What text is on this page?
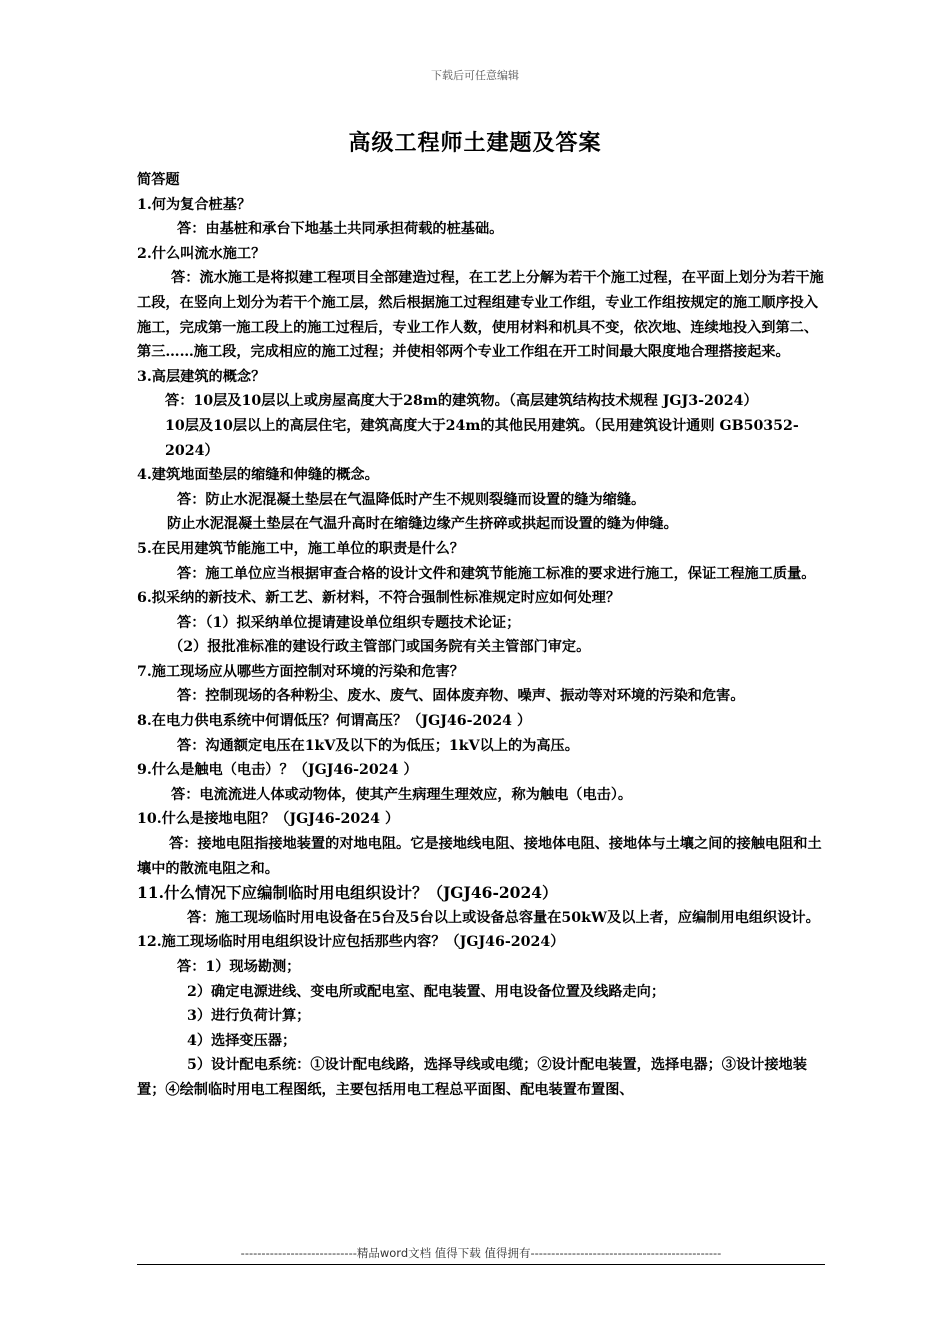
下载后可任意编辑
高级工程师土建题及答案

简答题

1.何为复合桩基？

答：由基桩和承台下地基土共同承担荷载的桩基础。

2.什么叫流水施工？

答：流水施工是将拟建工程项目全部建造过程，在工艺上分解为若干个施工过程，在平面上划分为若干施工段，在竖向上划分为若干个施工层，然后根据施工过程组建专业工作组，专业工作组按规定的施工顺序投入施工，完成第一施工段上的施工过程后，专业工作人数，使用材料和机具不变，依次地、连续地投入到第二、第三……施工段，完成相应的施工过程；并使相邻两个专业工作组在开工时间最大限度地合理搭接起来。

3.高层建筑的概念？

答：10层及10层以上或房屋高度大于28m的建筑物。（高层建筑结构技术规程 JGJ3-2024）

10层及10层以上的高层住宅，建筑高度大于24m的其他民用建筑。（民用建筑设计通则 GB50352-2024）

4.建筑地面垫层的缩缝和伸缝的概念。

答：防止水泥混凝土垫层在气温降低时产生不规则裂缝而设置的缝为缩缝。

防止水泥混凝土垫层在气温升高时在缩缝边缘产生挤碎或拱起而设置的缝为伸缝。

5.在民用建筑节能施工中，施工单位的职责是什么？

答：施工单位应当根据审查合格的设计文件和建筑节能施工标准的要求进行施工，保证工程施工质量。

6.拟采纳的新技术、新工艺、新材料，不符合强制性标准规定时应如何处理？

答：（1）拟采纳单位提请建设单位组织专题技术论证；

（2）报批准标准的建设行政主管部门或国务院有关主管部门审定。

7.施工现场应从哪些方面控制对环境的污染和危害？

答：控制现场的各种粉尘、废水、废气、固体废弃物、噪声、振动等对环境的污染和危害。

8.在电力供电系统中何谓低压？何谓高压？（JGJ46-2024 ）

答：沟通额定电压在1kV及以下的为低压；1kV以上的为高压。

9.什么是触电（电击）？（JGJ46-2024 ）

答：电流流进人体或动物体，使其产生病理生理效应，称为触电（电击）。

10.什么是接地电阻？（JGJ46-2024 ）

答：接地电阻指接地装置的对地电阻。它是接地线电阻、接地体电阻、接地体与土壤之间的接触电阻和土壤中的散流电阻之和。

11.什么情况下应编制临时用电组织设计？（JGJ46-2024）

答：施工现场临时用电设备在5台及5台以上或设备总容量在50kW及以上者，应编制用电组织设计。

12.施工现场临时用电组织设计应包括那些内容？（JGJ46-2024）

答：1）现场勘测；

2）确定电源进线、变电所或配电室、配电装置、用电设备位置及线路走向；

3）进行负荷计算；

4）选择变压器；

5）设计配电系统：①设计配电线路，选择导线或电缆；②设计配电装置，选择电器；③设计接地装置；④绘制临时用电工程图纸，主要包括用电工程总平面图、配电装置布置图、

----------------------------精品word文档 值得下载 值得拥有----------------------------------------------
